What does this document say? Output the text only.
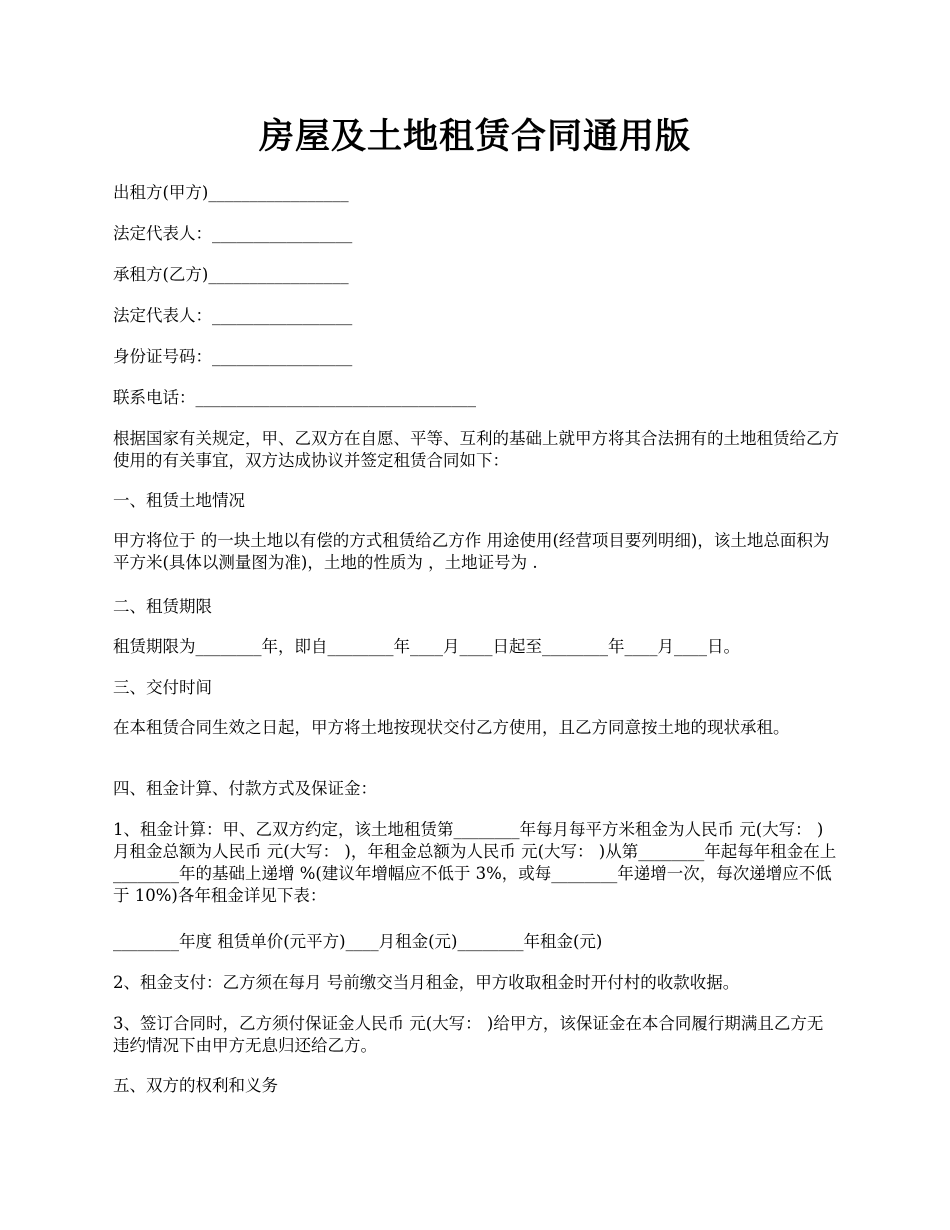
房屋及土地租赁合同通用版
出租方(甲方)_________________
法定代表人：_________________
承租方(乙方)_________________
法定代表人：_________________
身份证号码：_________________
联系电话：__________________________________
根据国家有关规定，甲、乙双方在自愿、平等、互利的基础上就甲方将其合法拥有的土地租赁给乙方使用的有关事宜，双方达成协议并签定租赁合同如下：
一、租赁土地情况
甲方将位于 的一块土地以有偿的方式租赁给乙方作 用途使用(经营项目要列明细)，该土地总面积为 平方米(具体以测量图为准)，土地的性质为 ，土地证号为 .
二、租赁期限
租赁期限为________年，即自________年____月____日起至________年____月____日。
三、交付时间
在本租赁合同生效之日起，甲方将土地按现状交付乙方使用，且乙方同意按土地的现状承租。
四、租金计算、付款方式及保证金：
1、租金计算：甲、乙双方约定，该土地租赁第________年每月每平方米租金为人民币 元(大写： )月租金总额为人民币 元(大写： )，年租金总额为人民币 元(大写： )从第________年起每年租金在上________年的基础上递增 %(建议年增幅应不低于 3%，或每________年递增一次，每次递增应不低于 10%)各年租金详见下表：
________年度 租赁单价(元平方)____月租金(元)________年租金(元)
2、租金支付：乙方须在每月 号前缴交当月租金，甲方收取租金时开付村的收款收据。
3、签订合同时，乙方须付保证金人民币 元(大写： )给甲方，该保证金在本合同履行期满且乙方无违约情况下由甲方无息归还给乙方。
五、双方的权利和义务
